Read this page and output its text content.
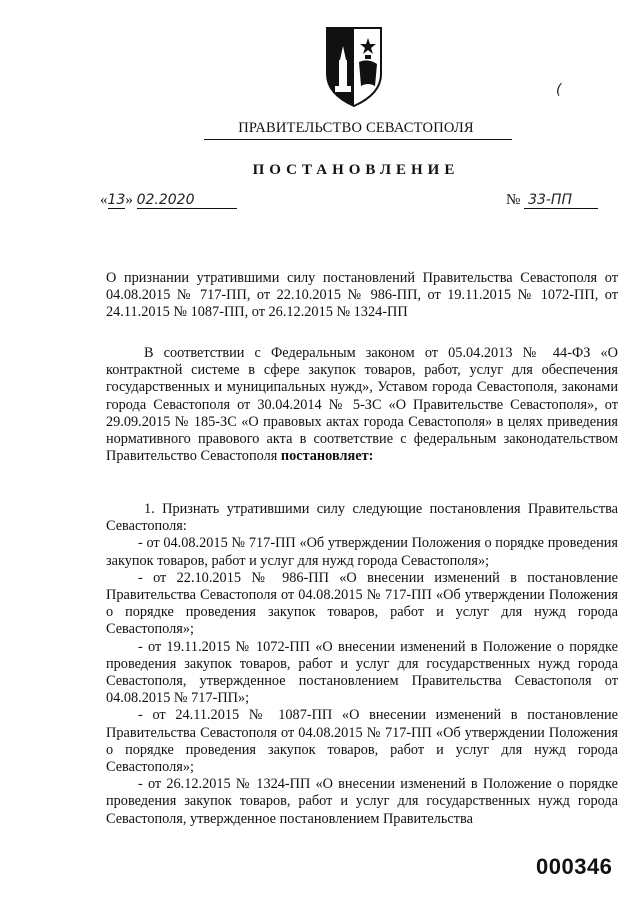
(
ПРАВИТЕЛЬСТВО СЕВАСТОПОЛЯ
ПОСТАНОВЛЕНИЕ
«13» 02.2020	№ 33-ПП
О признании утратившими силу постановлений Правительства Севастополя от 04.08.2015 № 717-ПП, от 22.10.2015 № 986-ПП, от 19.11.2015 № 1072-ПП, от 24.11.2015 № 1087-ПП, от 26.12.2015 № 1324-ПП
В соответствии с Федеральным законом от 05.04.2013 № 44-ФЗ «О контрактной системе в сфере закупок товаров, работ, услуг для обеспечения государственных и муниципальных нужд», Уставом города Севастополя, законами города Севастополя от 30.04.2014 № 5-ЗС «О Правительстве Севастополя», от 29.09.2015 № 185-ЗС «О правовых актах города Севастополя» в целях приведения нормативного правового акта в соответствие с федеральным законодательством Правительство Севастополя постановляет:

1. Признать утратившими силу следующие постановления Правительства Севастополя:

- от 04.08.2015 № 717-ПП «Об утверждении Положения о порядке проведения закупок товаров, работ и услуг для нужд города Севастополя»;

- от 22.10.2015 № 986-ПП «О внесении изменений в постановление Правительства Севастополя от 04.08.2015 № 717-ПП «Об утверждении Положения о порядке проведения закупок товаров, работ и услуг для нужд города Севастополя»;

- от 19.11.2015 № 1072-ПП «О внесении изменений в Положение о порядке проведения закупок товаров, работ и услуг для государственных нужд города Севастополя, утвержденное постановлением Правительства Севастополя от 04.08.2015 № 717-ПП»;

- от 24.11.2015 № 1087-ПП «О внесении изменений в постановление Правительства Севастополя от 04.08.2015 № 717-ПП «Об утверждении Положения о порядке проведения закупок товаров, работ и услуг для нужд города Севастополя»;

- от 26.12.2015 № 1324-ПП «О внесении изменений в Положение о порядке проведения закупок товаров, работ и услуг для государственных нужд города Севастополя, утвержденное постановлением Правительства

000346
